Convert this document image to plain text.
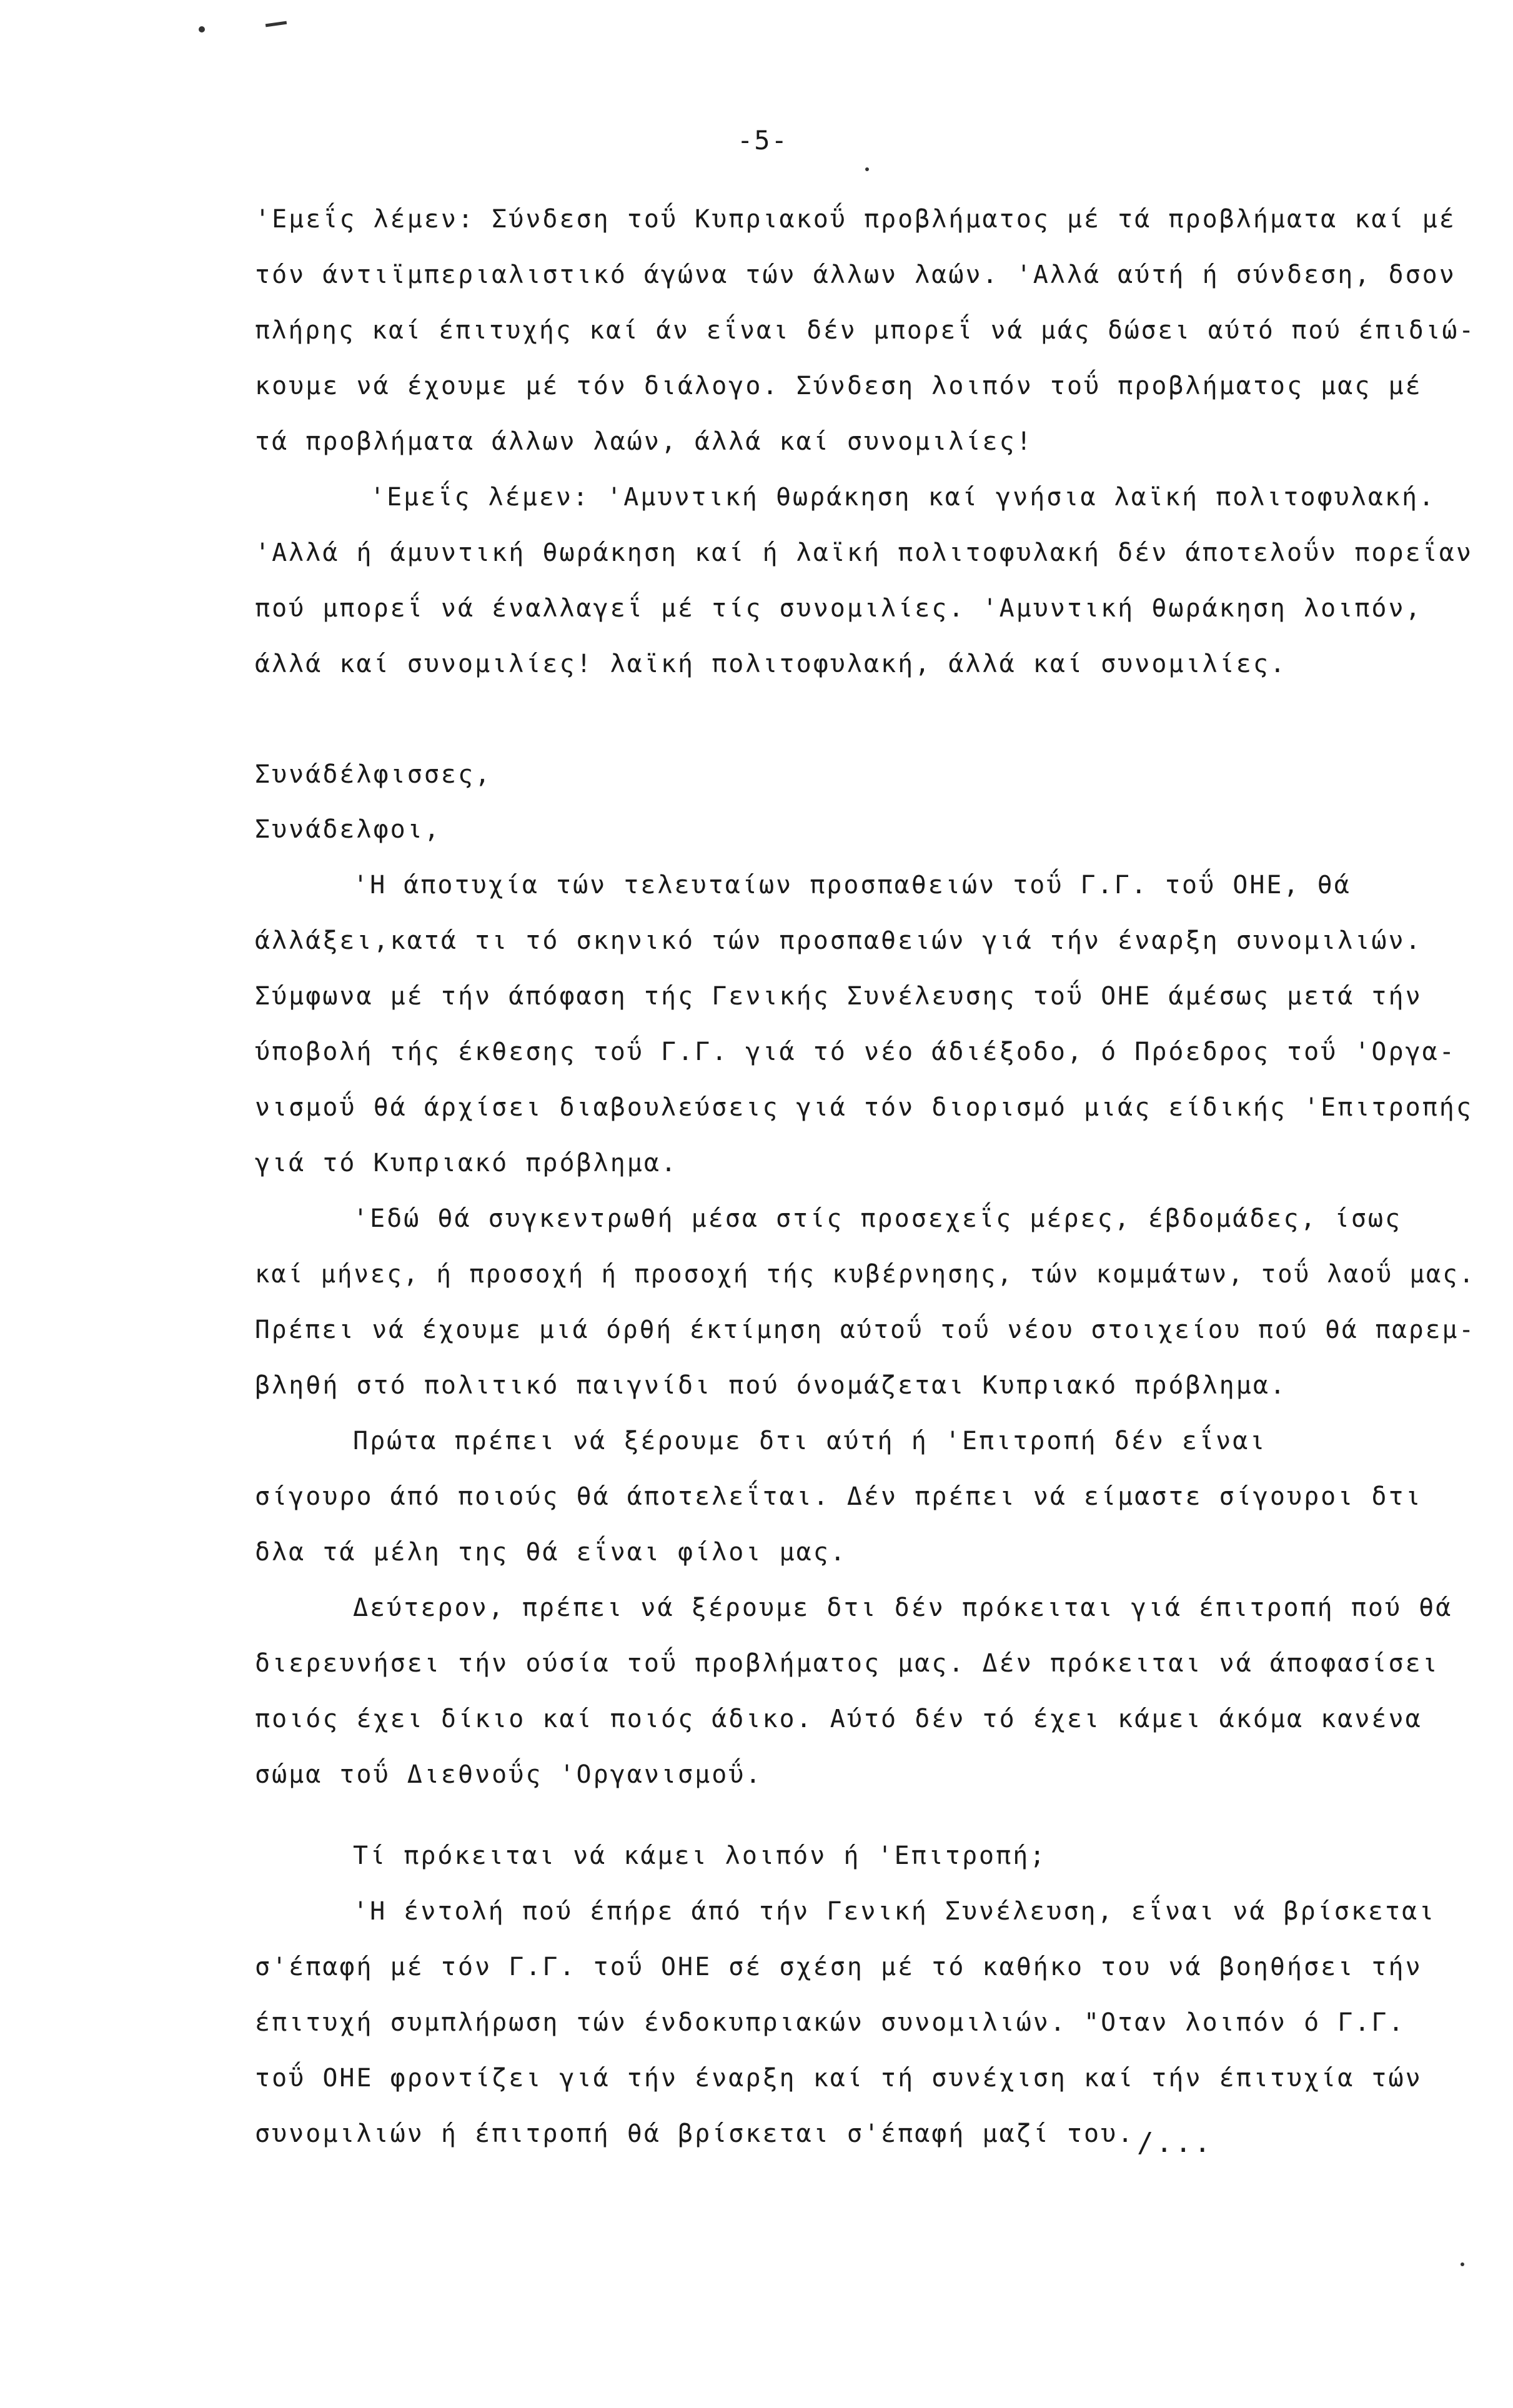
-5-
'Εμεΐς λέμεν: Σύνδεση τοΰ Κυπριακοΰ προβλήματος μέ τά προβλήματα καί μέ
τόν άντιϊμπεριαλιστικό άγώνα τών άλλων λαών. 'Αλλά αύτή ή σύνδεση, δσον
πλήρης καί έπιτυχής καί άν εΐναι δέν μπορεΐ νά μάς δώσει αύτό πού έπιδιώ-
κουμε νά έχουμε μέ τόν διάλογο. Σύνδεση λοιπόν τοΰ προβλήματος μας μέ
τά προβλήματα άλλων λαών, άλλά καί συνομιλίες!
'Εμεΐς λέμεν: 'Αμυντική θωράκηση καί γνήσια λαϊκή πολιτοφυλακή.
'Αλλά ή άμυντική θωράκηση καί ή λαϊκή πολιτοφυλακή δέν άποτελοΰν πορεΐαν
πού μπορεΐ νά έναλλαγεΐ μέ τίς συνομιλίες. 'Αμυντική θωράκηση λοιπόν,
άλλά καί συνομιλίες! λαϊκή πολιτοφυλακή, άλλά καί συνομιλίες.
Συνάδέλφισσες,
Συνάδελφοι,
'Η άποτυχία τών τελευταίων προσπαθειών τοΰ Γ.Γ. τοΰ ΟΗΕ, θά
άλλάξει,κατά τι τό σκηνικό τών προσπαθειών γιά τήν έναρξη συνομιλιών.
Σύμφωνα μέ τήν άπόφαση τής Γενικής Συνέλευσης τοΰ ΟΗΕ άμέσως μετά τήν
ύποβολή τής έκθεσης τοΰ Γ.Γ. γιά τό νέο άδιέξοδο, ό Πρόεδρος τοΰ 'Οργα-
νισμοΰ θά άρχίσει διαβουλεύσεις γιά τόν διορισμό μιάς είδικής 'Επιτροπής
γιά τό Κυπριακό πρόβλημα.
'Εδώ θά συγκεντρωθή μέσα στίς προσεχεΐς μέρες, έβδομάδες, ίσως
καί μήνες, ή προσοχή ή προσοχή τής κυβέρνησης, τών κομμάτων, τοΰ λαοΰ μας.
Πρέπει νά έχουμε μιά όρθή έκτίμηση αύτοΰ τοΰ νέου στοιχείου πού θά παρεμ-
βληθή στό πολιτικό παιγνίδι πού όνομάζεται Κυπριακό πρόβλημα.
Πρώτα πρέπει νά ξέρουμε δτι αύτή ή 'Επιτροπή δέν εΐναι
σίγουρο άπό ποιούς θά άποτελεΐται. Δέν πρέπει νά είμαστε σίγουροι δτι
δλα τά μέλη της θά εΐναι φίλοι μας.
Δεύτερον, πρέπει νά ξέρουμε δτι δέν πρόκειται γιά έπιτροπή πού θά
διερευνήσει τήν ούσία τοΰ προβλήματος μας. Δέν πρόκειται νά άποφασίσει
ποιός έχει δίκιο καί ποιός άδικο. Αύτό δέν τό έχει κάμει άκόμα κανένα
σώμα τοΰ Διεθνοΰς 'Οργανισμοΰ.
Τί πρόκειται νά κάμει λοιπόν ή 'Επιτροπή;
'Η έντολή πού έπήρε άπό τήν Γενική Συνέλευση, εΐναι νά βρίσκεται
σ'έπαφή μέ τόν Γ.Γ. τοΰ ΟΗΕ σέ σχέση μέ τό καθήκο του νά βοηθήσει τήν
έπιτυχή συμπλήρωση τών ένδοκυπριακών συνομιλιών. "Οταν λοιπόν ό Γ.Γ.
τοΰ ΟΗΕ φροντίζει γιά τήν έναρξη καί τή συνέχιση καί τήν έπιτυχία τών
συνομιλιών ή έπιτροπή θά βρίσκεται σ'έπαφή μαζί του. /...
